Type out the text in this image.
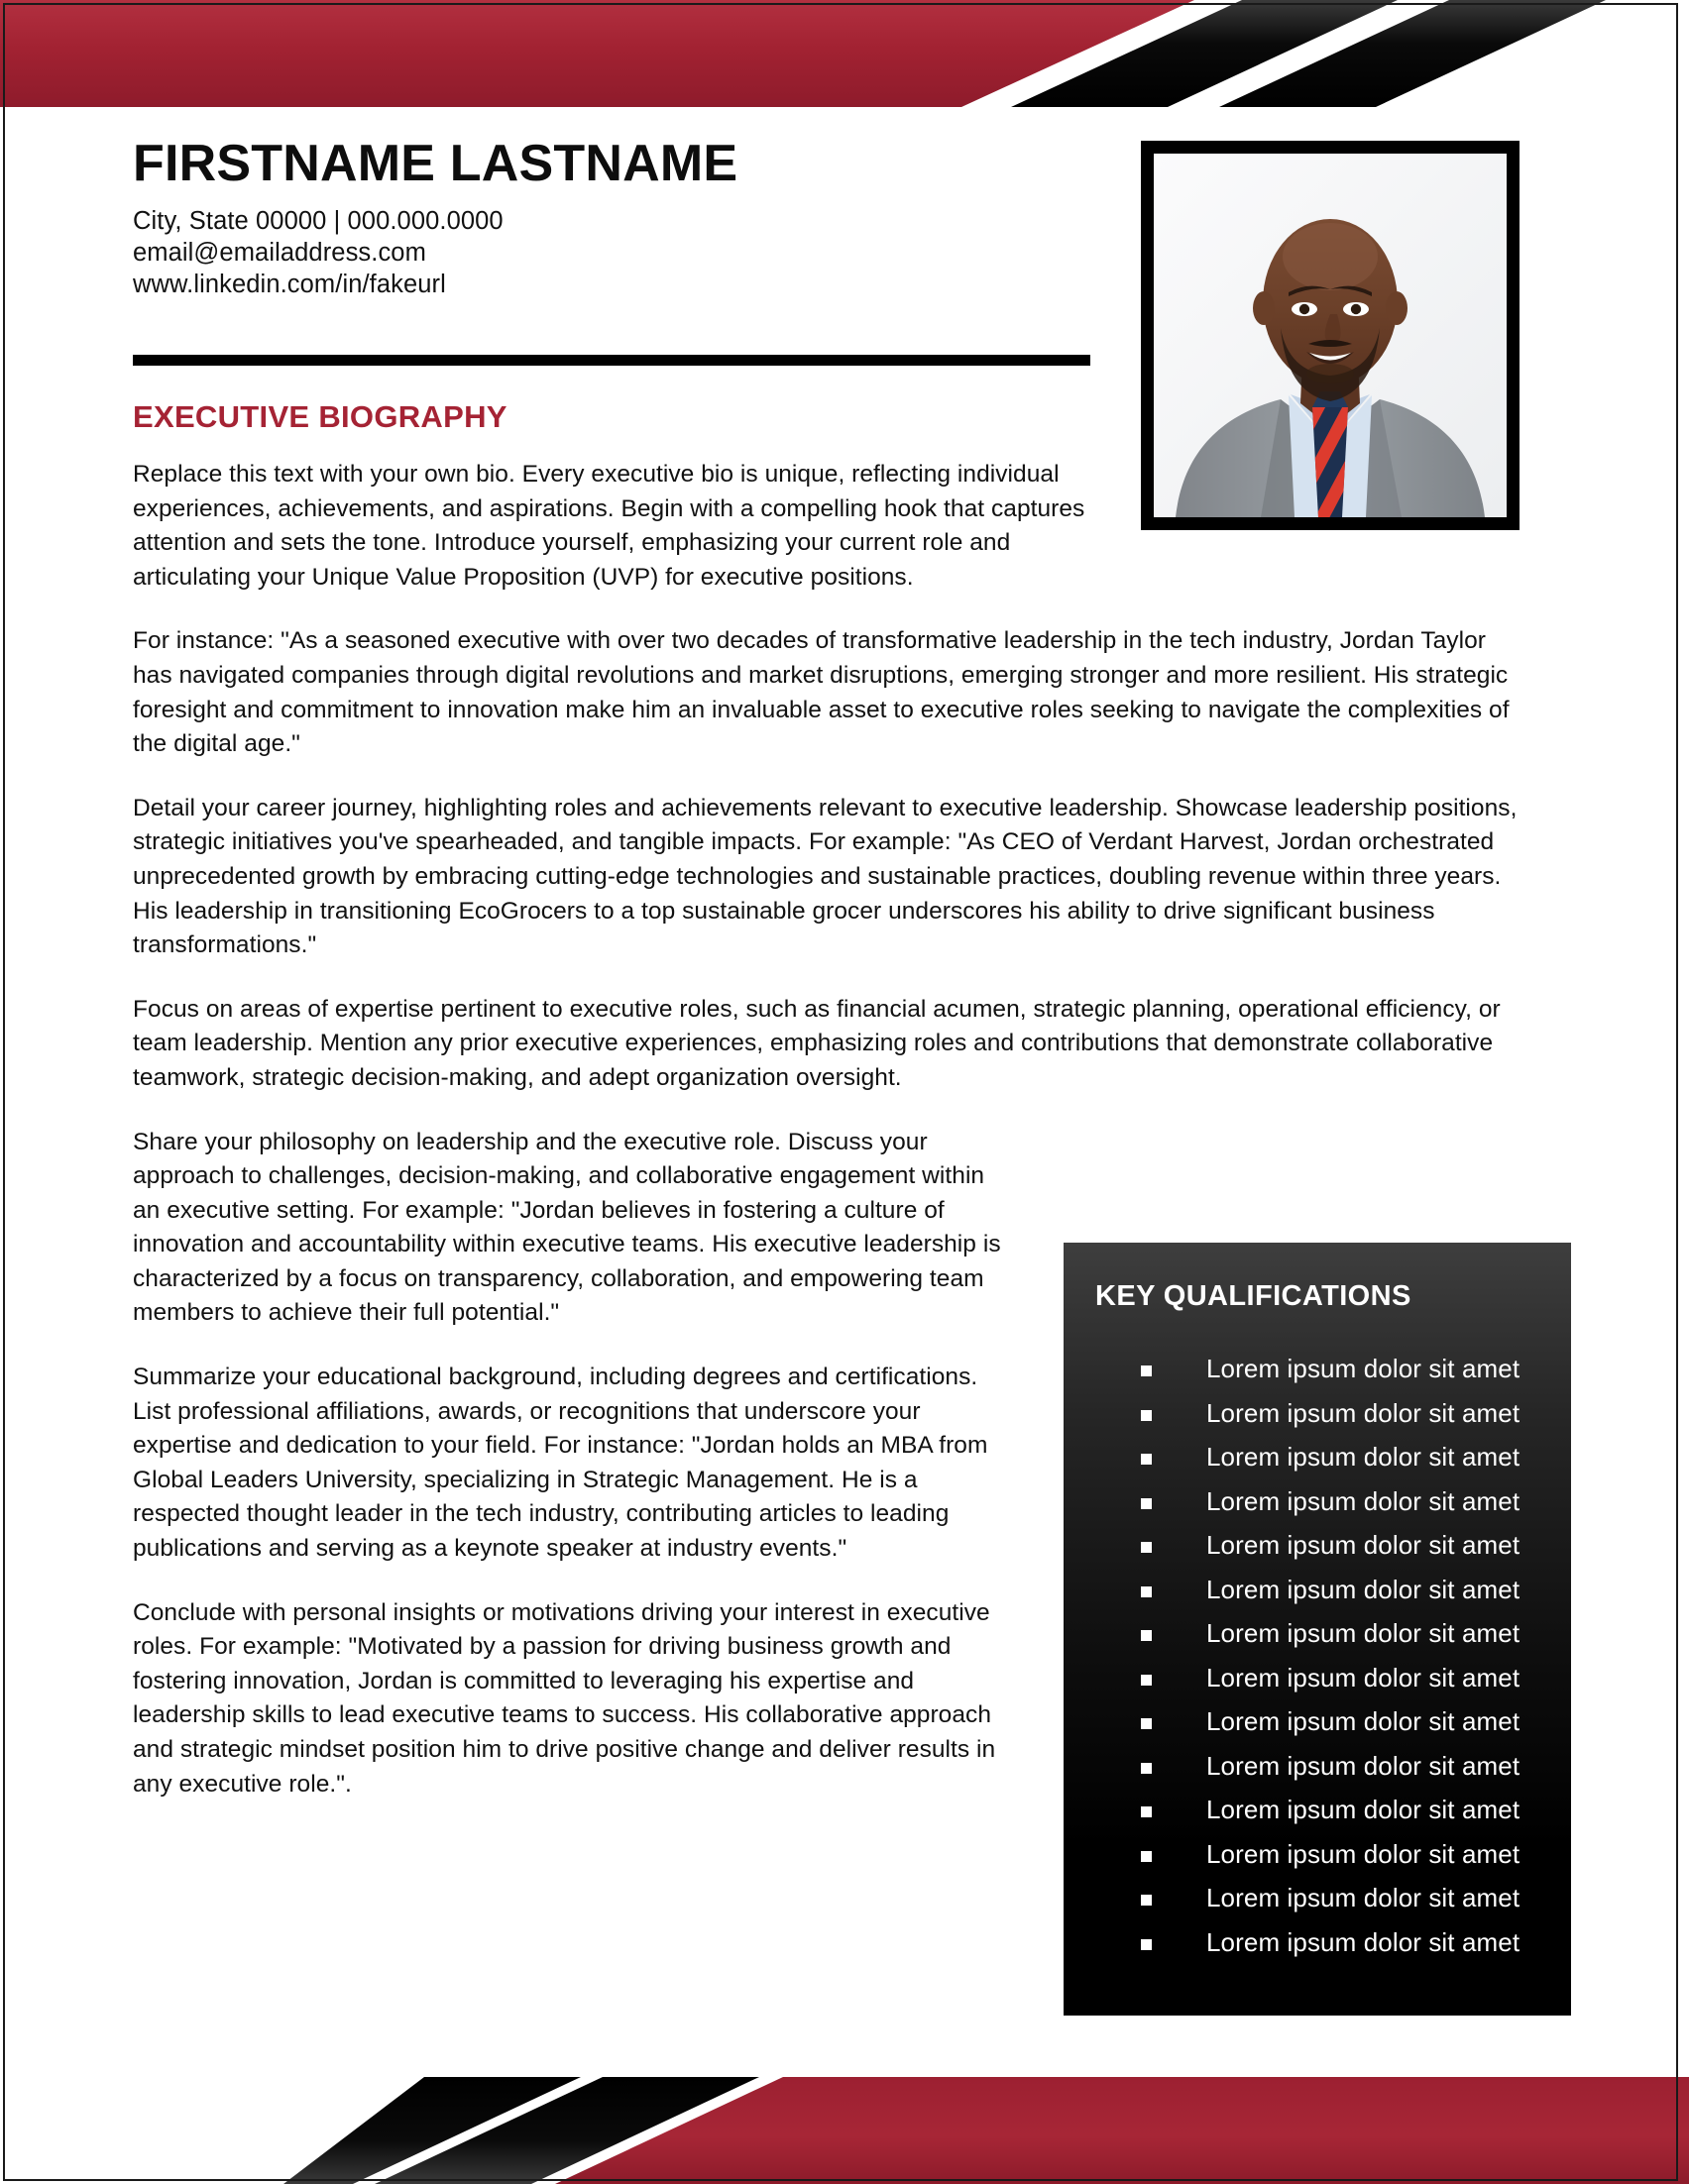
FIRSTNAME LASTNAME
City, State 00000 | 000.000.0000
email@emailaddress.com
www.linkedin.com/in/fakeurl
EXECUTIVE BIOGRAPHY

Replace this text with your own bio. Every executive bio is unique, reflecting individual experiences, achievements, and aspirations. Begin with a compelling hook that captures attention and sets the tone. Introduce yourself, emphasizing your current role and articulating your Unique Value Proposition (UVP) for executive positions.

For instance: "As a seasoned executive with over two decades of transformative leadership in the tech industry, Jordan Taylor has navigated companies through digital revolutions and market disruptions, emerging stronger and more resilient. His strategic foresight and commitment to innovation make him an invaluable asset to executive roles seeking to navigate the complexities of the digital age."

Detail your career journey, highlighting roles and achievements relevant to executive leadership. Showcase leadership positions, strategic initiatives you've spearheaded, and tangible impacts. For example: "As CEO of Verdant Harvest, Jordan orchestrated unprecedented growth by embracing cutting-edge technologies and sustainable practices, doubling revenue within three years. His leadership in transitioning EcoGrocers to a top sustainable grocer underscores his ability to drive significant business transformations."

Focus on areas of expertise pertinent to executive roles, such as financial acumen, strategic planning, operational efficiency, or team leadership. Mention any prior executive experiences, emphasizing roles and contributions that demonstrate collaborative teamwork, strategic decision-making, and adept organization oversight.

Share your philosophy on leadership and the executive role. Discuss your approach to challenges, decision-making, and collaborative engagement within an executive setting. For example: "Jordan believes in fostering a culture of innovation and accountability within executive teams. His executive leadership is characterized by a focus on transparency, collaboration, and empowering team members to achieve their full potential."

Summarize your educational background, including degrees and certifications. List professional affiliations, awards, or recognitions that underscore your expertise and dedication to your field. For instance: "Jordan holds an MBA from Global Leaders University, specializing in Strategic Management. He is a respected thought leader in the tech industry, contributing articles to leading publications and serving as a keynote speaker at industry events."

Conclude with personal insights or motivations driving your interest in executive roles. For example: "Motivated by a passion for driving business growth and fostering innovation, Jordan is committed to leveraging his expertise and leadership skills to lead executive teams to success. His collaborative approach and strategic mindset position him to drive positive change and deliver results in any executive role.".

KEY QUALIFICATIONS
Lorem ipsum dolor sit amet
Lorem ipsum dolor sit amet
Lorem ipsum dolor sit amet
Lorem ipsum dolor sit amet
Lorem ipsum dolor sit amet
Lorem ipsum dolor sit amet
Lorem ipsum dolor sit amet
Lorem ipsum dolor sit amet
Lorem ipsum dolor sit amet
Lorem ipsum dolor sit amet
Lorem ipsum dolor sit amet
Lorem ipsum dolor sit amet
Lorem ipsum dolor sit amet
Lorem ipsum dolor sit amet
